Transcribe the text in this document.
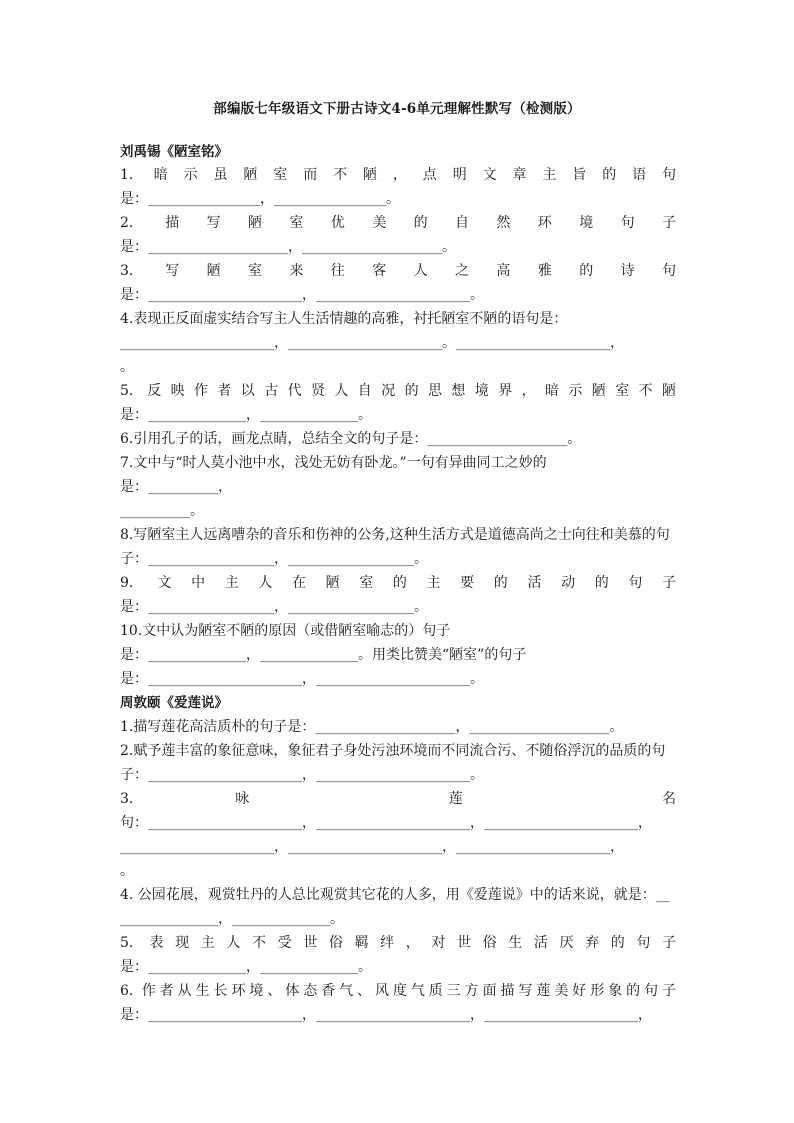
部编版七年级语文下册古诗文4-6单元理解性默写（检测版）
刘禹锡《陋室铭》
1. 暗示虽陋室而不陋，点明文章主旨的语句
是：________________，________________。
2. 描写陋室优美的自然环境句子
是：____________________，____________________。
3. 写陋室来往客人之高雅的诗句
是：______________________，______________________。
4.表现正反面虚实结合写主人生活情趣的高雅，衬托陋室不陋的语句是：
______________________，______________________。______________________，
。
5. 反映作者以古代贤人自况的思想境界，暗示陋室不陋
是：______________，______________。
6.引用孔子的话，画龙点睛，总结全文的句子是：____________________。
7.文中与“时人莫小池中水，浅处无妨有卧龙。”一句有异曲同工之妙的
是：__________，
__________。
8.写陋室主人远离嘈杂的音乐和伤神的公务,这种生活方式是道德高尚之士向往和美慕的句
子：__________________，__________________。
9. 文中主人在陋室的主要的活动的句子
是：__________________，__________________。
10.文中认为陋室不陋的原因（或借陋室喻志的）句子
是：______________，______________。用类比赞美“陋室”的句子
是：______________________，______________________。
周敦颐《爱莲说》
1.描写莲花高洁质朴的句子是：____________________，____________________。
2.赋予莲丰富的象征意味，象征君子身处污浊环境而不同流合污、不随俗浮沉的品质的句
子：______________________，______________________。
3. 咏 莲 名
句：______________________，______________________，______________________，
______________________，______________________，______________________，
。
4. 公园花展，观赏牡丹的人总比观赏其它花的人多，用《爱莲说》中的话来说，就是：__
______________，______________。
5. 表现主人不受世俗羁绊，对世俗生活厌弃的句子
是：______________，______________。
6. 作者从生长环境、体态香气、风度气质三方面描写莲美好形象的句子
是：______________________，______________________，______________________，
